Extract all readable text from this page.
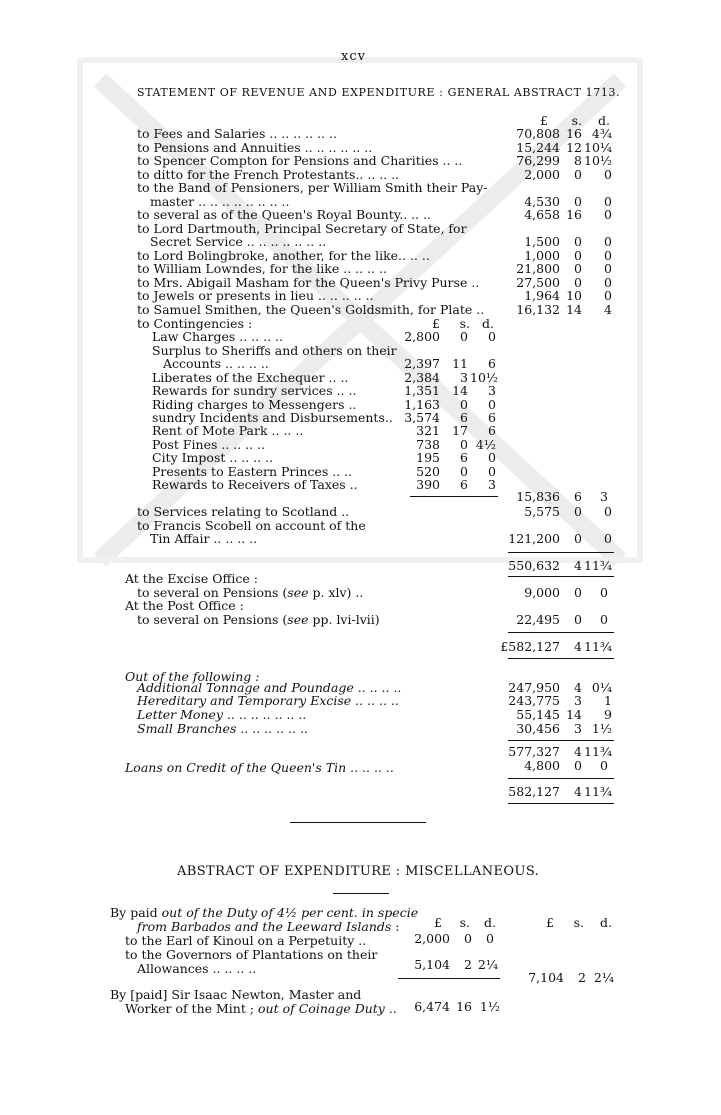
xcv
STATEMENT OF REVENUE AND EXPENDITURE : GENERAL ABSTRACT 1713.
£	s.	d.
to Fees and Salaries .. .. .. .. .. ..	70,808 16 4¾
to Pensions and Annuities .. .. .. .. .. ..	15,244 12 10¼
to Spencer Compton for Pensions and Charities .. ..	76,299	8 10½
to ditto for the French Protestants.. .. .. ..	2,000	0	0
to the Band of Pensioners, per William Smith their Pay-
master .. .. .. .. .. .. .. ..	4,530	0	0
to several as of the Queen's Royal Bounty.. .. ..	4,658 16	0
to Lord Dartmouth, Principal Secretary of State, for
Secret Service .. .. .. .. .. .. ..	1,500	0	0
to Lord Bolingbroke, another, for the like.. .. ..	1,000	0	0
to William Lowndes, for the like .. .. .. ..	21,800	0	0
to Mrs. Abigail Masham for the Queen's Privy Purse ..	27,500	0	0
to Jewels or presents in lieu .. .. .. .. ..	1,964 10	0
to Samuel Smithen, the Queen's Goldsmith, for Plate ..	16,132 14	4
to Contingencies :	£	s. d.
Law Charges .. .. .. ..	2,800	0	0
Surplus to Sheriffs and others on their
Accounts .. .. .. ..	2,397 11	6
Liberates of the Exchequer .. ..	2,384	3 10½
Rewards for sundry services .. ..	1,351 14	3
Riding charges to Messengers ..	1,163	0	0
sundry Incidents and Disbursements.. 3,574	6	6
Rent of Mote Park .. .. ..	321 17	6
Post Fines .. .. .. ..	738	0 4½
City Impost .. .. .. ..	195	6	0
Presents to Eastern Princes .. ..	520	0	0
Rewards to Receivers of Taxes ..	390	6	3
15,836	6	3
to Services relating to Scotland ..	5,575	0	0
to Francis Scobell on account of the
Tin Affair .. .. .. ..	121,200	0	0
550,632	4 11¾
At the Excise Office :
to several on Pensions (see p. xlv) ..	9,000	0	0
At the Post Office :
to several on Pensions (see pp. lvi-lvii)	22,495	0	0
£582,127	4 11¾
Out of the following :
Additional Tonnage and Poundage .. .. .. ..	247,950	4 0¼
Hereditary and Temporary Excise .. .. .. ..	243,775	3	1
Letter Money .. .. .. .. .. .. ..	55,145 14	9
Small Branches .. .. .. .. .. ..	30,456	3 1½
577,327	4 11¾
Loans on Credit of the Queen's Tin .. .. .. ..	4,800	0	0
582,127	4 11¾
ABSTRACT OF EXPENDITURE : MISCELLANEOUS.
By paid out of the Duty of 4½ per cent. in specie
from Barbados and the Leeward Islands :	£	s.	d.	£	s.	d.
to the Earl of Kinoul on a Perpetuity ..	2,000	0	0
to the Governors of Plantations on their
Allowances .. .. .. ..	5,104	2 2¼
7,104	2 2¼
By [paid] Sir Isaac Newton, Master and
Worker of the Mint ; out of Coinage Duty ..	6,474 16 1½
